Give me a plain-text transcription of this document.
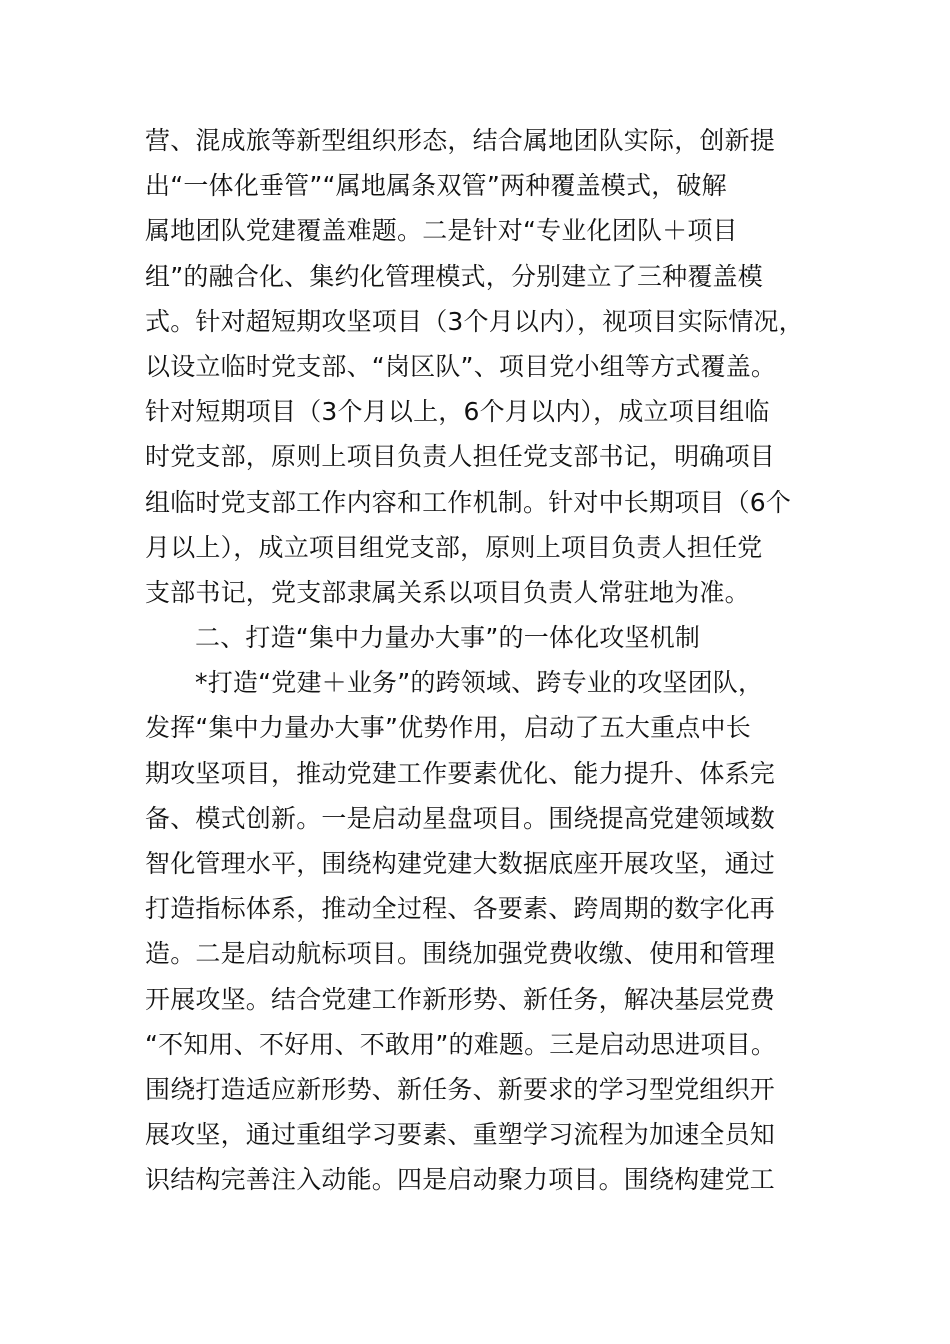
营、混成旅等新型组织形态，结合属地团队实际，创新提
出“一体化垂管”“属地属条双管”两种覆盖模式，破解
属地团队党建覆盖难题。二是针对“专业化团队＋项目
组”的融合化、集约化管理模式，分别建立了三种覆盖模
式。针对超短期攻坚项目（3个月以内），视项目实际情况，
以设立临时党支部、“岗区队”、项目党小组等方式覆盖。
针对短期项目（3个月以上，6个月以内），成立项目组临
时党支部，原则上项目负责人担任党支部书记，明确项目
组临时党支部工作内容和工作机制。针对中长期项目（6个
月以上），成立项目组党支部，原则上项目负责人担任党
支部书记，党支部隶属关系以项目负责人常驻地为准。
二、打造“集中力量办大事”的一体化攻坚机制
*打造“党建＋业务”的跨领域、跨专业的攻坚团队，
发挥“集中力量办大事”优势作用，启动了五大重点中长
期攻坚项目，推动党建工作要素优化、能力提升、体系完
备、模式创新。一是启动星盘项目。围绕提高党建领域数
智化管理水平，围绕构建党建大数据底座开展攻坚，通过
打造指标体系，推动全过程、各要素、跨周期的数字化再
造。二是启动航标项目。围绕加强党费收缴、使用和管理
开展攻坚。结合党建工作新形势、新任务，解决基层党费
“不知用、不好用、不敢用”的难题。三是启动思进项目。
围绕打造适应新形势、新任务、新要求的学习型党组织开
展攻坚，通过重组学习要素、重塑学习流程为加速全员知
识结构完善注入动能。四是启动聚力项目。围绕构建党工
